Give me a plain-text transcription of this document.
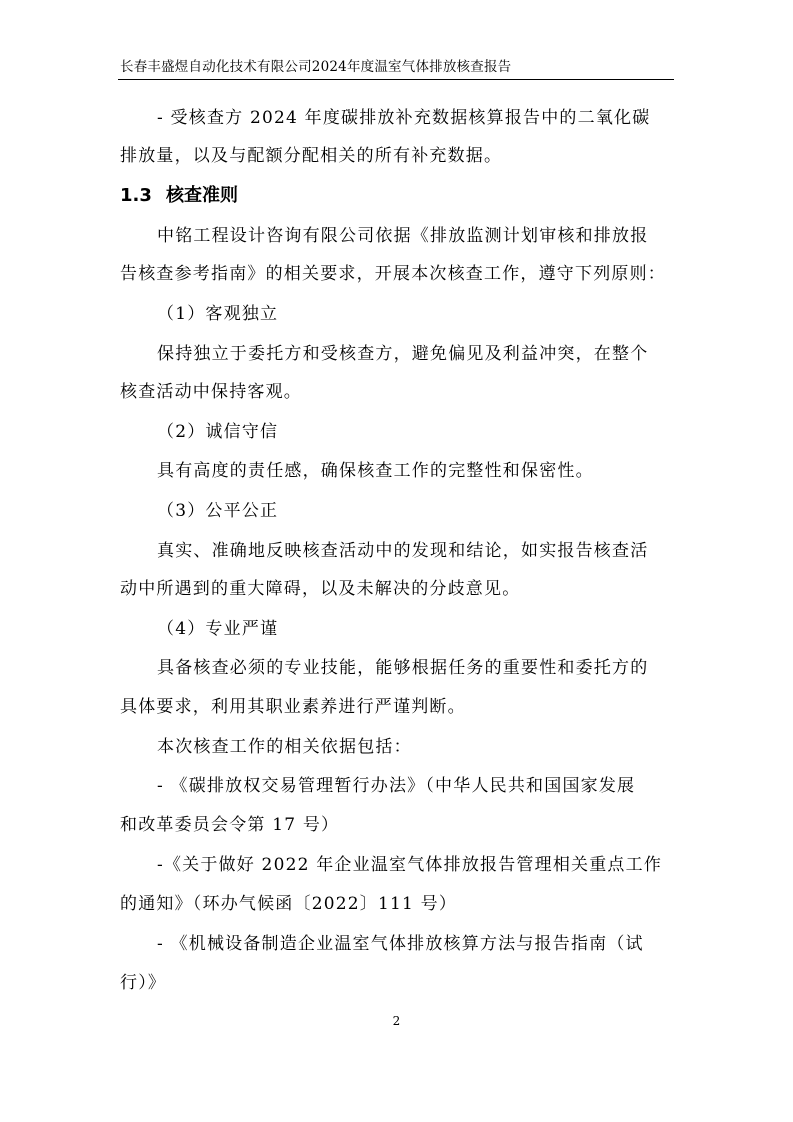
长春丰盛煜自动化技术有限公司2024年度温室气体排放核查报告
- 受核查方 2024 年度碳排放补充数据核算报告中的二氧化碳
排放量，以及与配额分配相关的所有补充数据。
1.3 核查准则
中铭工程设计咨询有限公司依据《排放监测计划审核和排放报
告核查参考指南》的相关要求，开展本次核查工作，遵守下列原则：
（1）客观独立
保持独立于委托方和受核查方，避免偏见及利益冲突，在整个
核查活动中保持客观。
（2）诚信守信
具有高度的责任感，确保核查工作的完整性和保密性。
（3）公平公正
真实、准确地反映核查活动中的发现和结论，如实报告核查活
动中所遇到的重大障碍，以及未解决的分歧意见。
（4）专业严谨
具备核查必须的专业技能，能够根据任务的重要性和委托方的
具体要求，利用其职业素养进行严谨判断。
本次核查工作的相关依据包括：
- 《碳排放权交易管理暂行办法》（中华人民共和国国家发展
和改革委员会令第 17 号）
-《关于做好 2022 年企业温室气体排放报告管理相关重点工作
的通知》（环办气候函〔2022〕111 号）
- 《机械设备制造企业温室气体排放核算方法与报告指南（试
行）》
2
